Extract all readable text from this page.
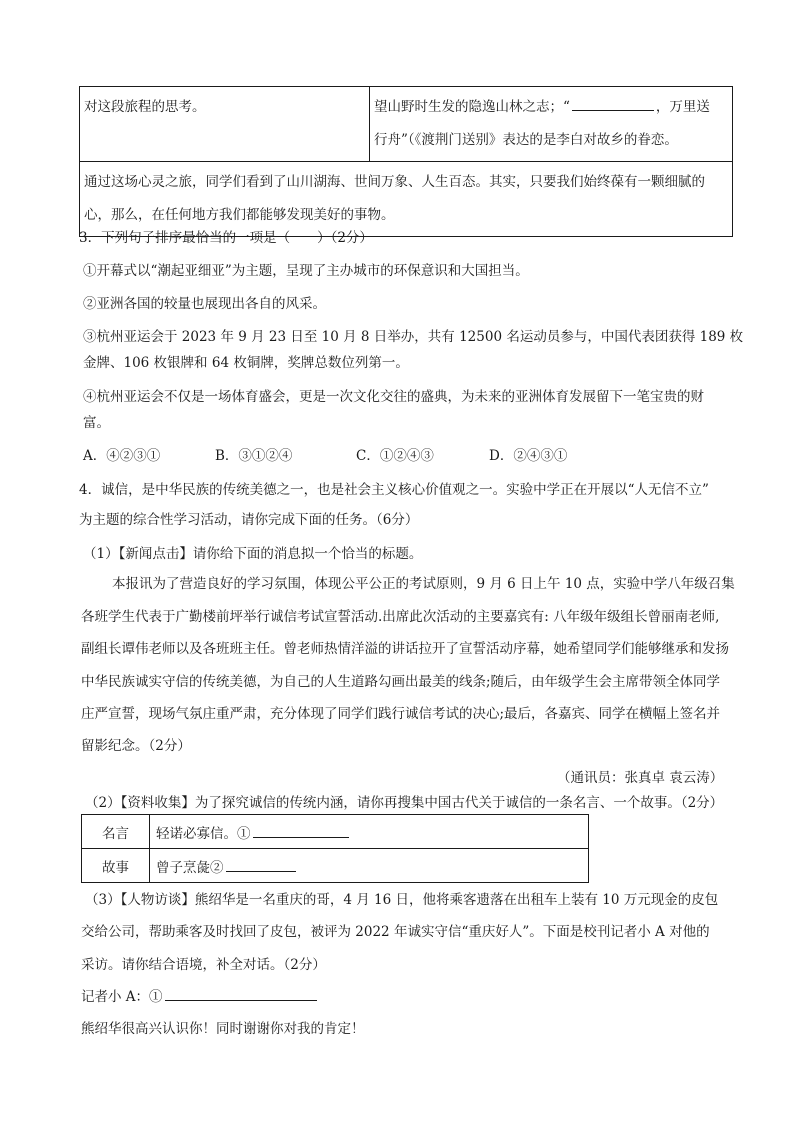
对这段旅程的思考。	望山野时生发的隐逸山林之志；“	，万里送
行舟”（《渡荆门送别》表达的是李白对故乡的眷恋。
通过这场心灵之旅，同学们看到了山川湖海、世间万象、人生百态。其实，只要我们始终葆有一颗细腻的
心，那么，在任何地方我们都能够发现美好的事物。
3．下列句子排序最恰当的一项是（　　）（2分）
①开幕式以“潮起亚细亚”为主题，呈现了主办城市的环保意识和大国担当。
②亚洲各国的较量也展现出各自的风采。
③杭州亚运会于 2023 年 9 月 23 日至 10 月 8 日举办，共有 12500 名运动员参与，中国代表团获得 189 枚
金牌、106 枚银牌和 64 枚铜牌，奖牌总数位列第一。
④杭州亚运会不仅是一场体育盛会，更是一次文化交往的盛典，为未来的亚洲体育发展留下一笔宝贵的财
富。
A．④②③①	B．③①②④	C．①②④③	D．②④③①
4．诚信，是中华民族的传统美德之一，也是社会主义核心价值观之一。实验中学正在开展以“人无信不立”
为主题的综合性学习活动，请你完成下面的任务。（6分）
（1）【新闻点击】请你给下面的消息拟一个恰当的标题。
本报讯为了营造良好的学习氛围，体现公平公正的考试原则，9 月 6 日上午 10 点，实验中学八年级召集
各班学生代表于广勤楼前坪举行诚信考试宣誓活动.出席此次活动的主要嘉宾有: 八年级年级组长曾丽南老师,
副组长谭伟老师以及各班班主任。曾老师热情洋溢的讲话拉开了宣誓活动序幕，她希望同学们能够继承和发扬
中华民族诚实守信的传统美德，为自己的人生道路勾画出最美的线条;随后，由年级学生会主席带领全体同学
庄严宣誓，现场气氛庄重严肃，充分体现了同学们践行诚信考试的决心;最后，各嘉宾、同学在横幅上签名并
留影纪念。（2分）
（通讯员：张真卓 袁云涛）
（2）【资料收集】为了探究诚信的传统内涵，请你再搜集中国古代关于诚信的一条名言、一个故事。（2分）
名言	轻诺必寡信。①
故事	曾子烹彘②
（3）【人物访谈】熊绍华是一名重庆的哥，4 月 16 日，他将乘客遗落在出租车上装有 10 万元现金的皮包
交给公司，帮助乘客及时找回了皮包，被评为 2022 年诚实守信“重庆好人”。下面是校刊记者小 A 对他的
采访。请你结合语境，补全对话。（2分）
记者小 A：①
熊绍华很高兴认识你！同时谢谢你对我的肯定！
